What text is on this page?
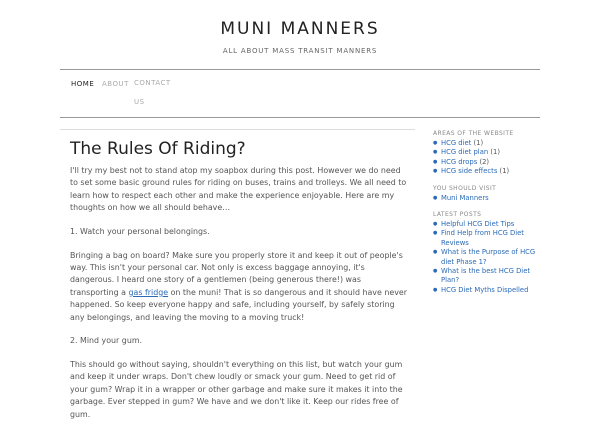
MUNI MANNERS
ALL ABOUT MASS TRANSIT MANNERS
HOME ABOUT CONTACT US
The Rules Of Riding?

I'll try my best not to stand atop my soapbox during this post. However we do need to set some basic ground rules for riding on buses, trains and trolleys. We all need to learn how to respect each other and make the experience enjoyable. Here are my thoughts on how we all should behave…

1. Watch your personal belongings.

Bringing a bag on board? Make sure you properly store it and keep it out of people's way. This isn't your personal car. Not only is excess baggage annoying, it's dangerous. I heard one story of a gentlemen (being generous there!) was transporting a gas fridge on the muni! That is so dangerous and it should have never happened. So keep everyone happy and safe, including yourself, by safely storing any belongings, and leaving the moving to a moving truck!

2. Mind your gum.

This should go without saying, shouldn't everything on this list, but watch your gum and keep it under wraps. Don't chew loudly or smack your gum. Need to get rid of your gum? Wrap it in a wrapper or other garbage and make sure it makes it into the garbage. Ever stepped in gum? We have and we don't like it. Keep our rides free of gum.

AREAS OF THE WEBSITE
● HCG diet (1)
● HCG diet plan (1)
● HCG drops (2)
● HCG side effects (1)
YOU SHOULD VISIT
● Muni Manners
LATEST POSTS
● Helpful HCG Diet Tips
● Find Help from HCG Diet Reviews
● What is the Purpose of HCG diet Phase 1?
● What is the best HCG Diet Plan?
● HCG Diet Myths Dispelled
